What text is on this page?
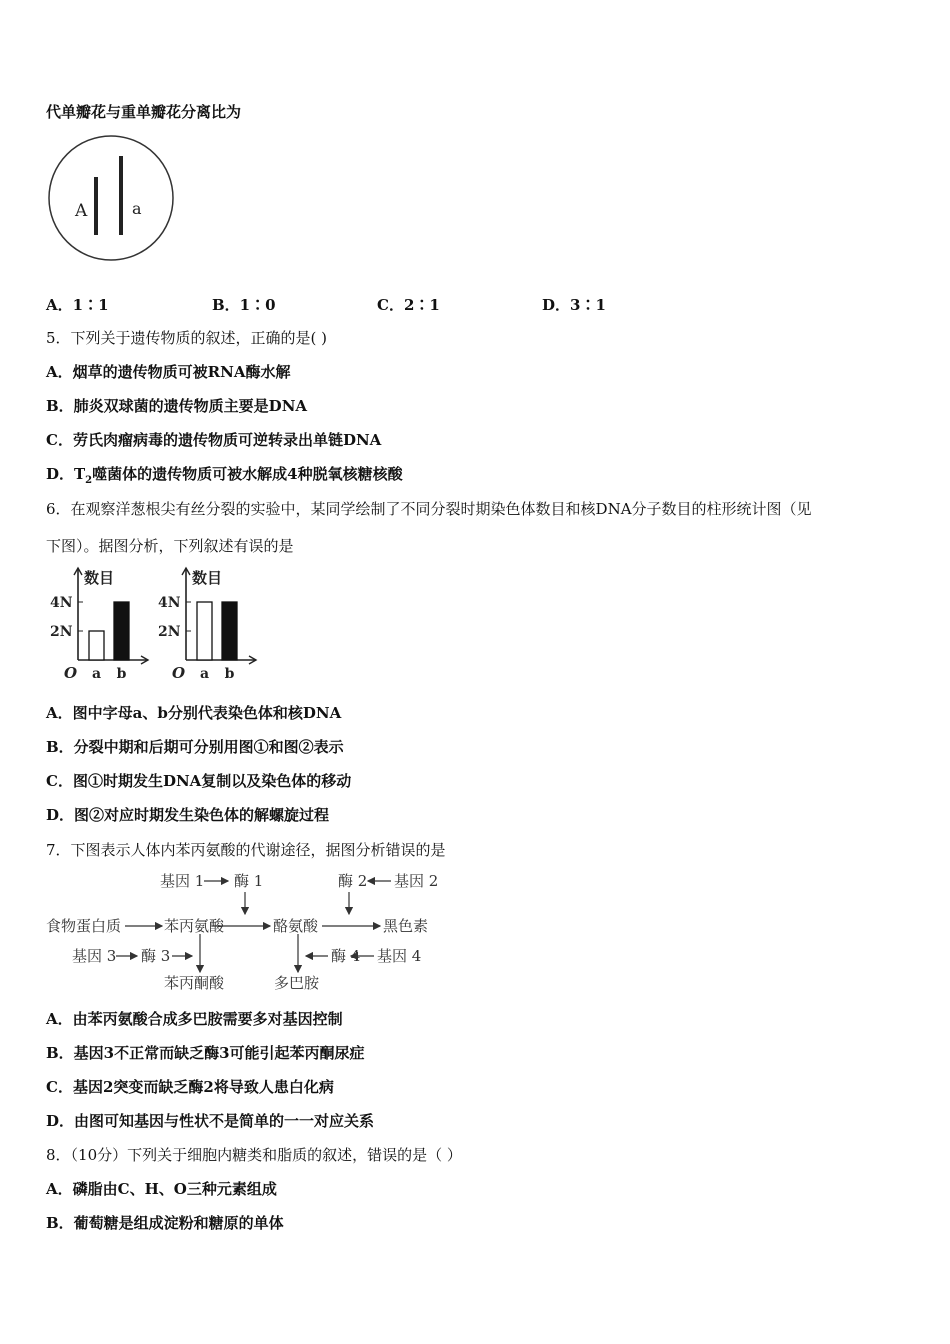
代单瓣花与重单瓣花分离比为
A	a
A．1∶1	B．1∶0	C．2∶1	D．3∶1
5．下列关于遗传物质的叙述，正确的是( )
A．烟草的遗传物质可被RNA酶水解
B．肺炎双球菌的遗传物质主要是DNA
C．劳氏肉瘤病毒的遗传物质可逆转录出单链DNA
D．$T_2$噬菌体的遗传物质可被水解成4种脱氧核糖核酸
6．在观察洋葱根尖有丝分裂的实验中，某同学绘制了不同分裂时期染色体数目和核DNA分子数目的柱形统计图（见
下图）。据图分析，下列叙述有误的是
数目
O
2N
4N
a b
数目
O
2N
4N
a b
A．图中字母a、b分别代表染色体和核DNA
B．分裂中期和后期可分别用图①和图②表示
C．图①时期发生DNA复制以及染色体的移动
D．图②对应时期发生染色体的解螺旋过程
7．下图表示人体内苯丙氨酸的代谢途径，据图分析错误的是
基因 1 酶 1	酶 2 基因 2
食物蛋白质	苯丙氨酸	酪氨酸	黑色素
基因 3 酶 3
苯丙酮酸
酶 4 基因 4
多巴胺
A．由苯丙氨酸合成多巴胺需要多对基因控制
B．基因3不正常而缺乏酶3可能引起苯丙酮尿症
C．基因2突变而缺乏酶2将导致人患白化病
D．由图可知基因与性状不是简单的一一对应关系
8．（10分）下列关于细胞内糖类和脂质的叙述，错误的是（ ）
A．磷脂由C、H、O三种元素组成
B．葡萄糖是组成淀粉和糖原的单体
